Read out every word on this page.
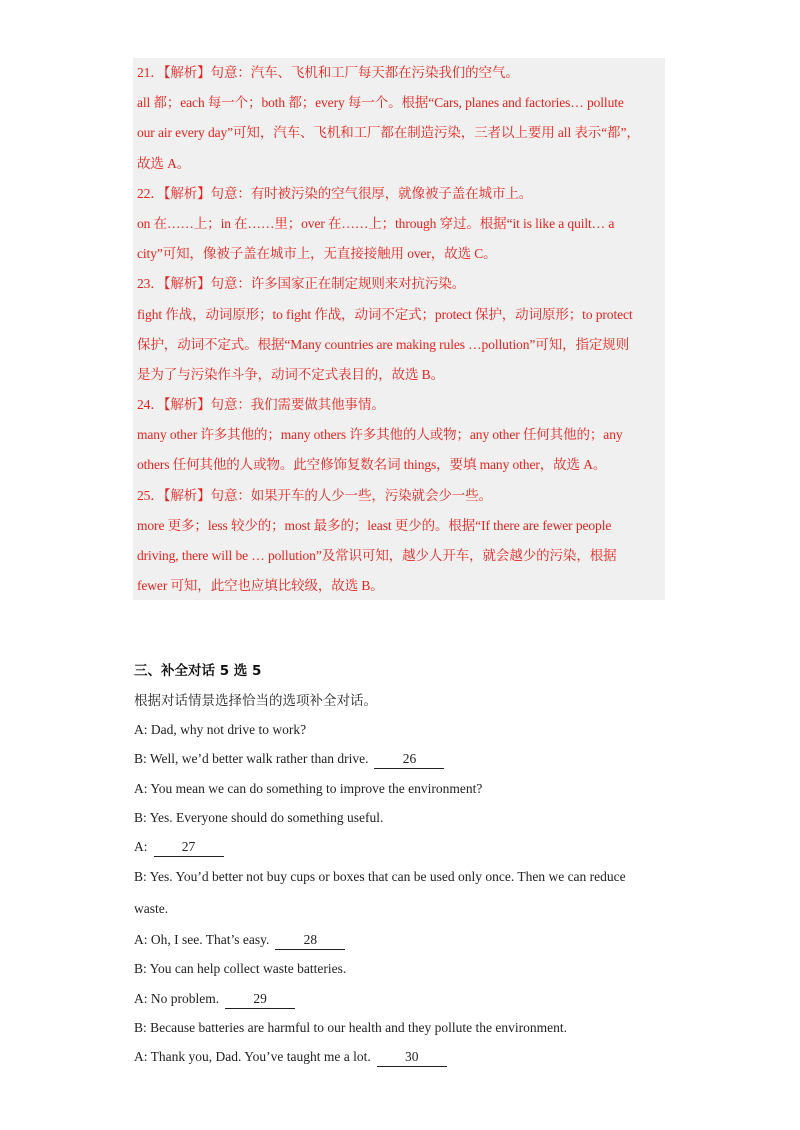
21．【解析】句意：汽车、飞机和工厂每天都在污染我们的空气。
all 都；each 每一个；both 都；every 每一个。根据“Cars, planes and factories… pollute
our air every day”可知，汽车、飞机和工厂都在制造污染，三者以上要用 all 表示“都”，
故选 A。
22．【解析】句意：有时被污染的空气很厚，就像被子盖在城市上。
on 在……上；in 在……里；over 在……上；through 穿过。根据“it is like a quilt… a
city”可知，像被子盖在城市上，无直接接触用 over，故选 C。
23．【解析】句意：许多国家正在制定规则来对抗污染。
fight 作战，动词原形；to fight 作战，动词不定式；protect 保护，动词原形；to protect
保护，动词不定式。根据“Many countries are making rules …pollution”可知，指定规则
是为了与污染作斗争，动词不定式表目的，故选 B。
24．【解析】句意：我们需要做其他事情。
many other 许多其他的；many others 许多其他的人或物；any other 任何其他的；any
others 任何其他的人或物。此空修饰复数名词 things，要填 many other，故选 A。
25．【解析】句意：如果开车的人少一些，污染就会少一些。
more 更多；less 较少的；most 最多的；least 更少的。根据“If there are fewer people
driving, there will be … pollution”及常识可知，越少人开车，就会越少的污染，根据
fewer 可知，此空也应填比较级，故选 B。
三、补全对话 5 选 5
根据对话情景选择恰当的选项补全对话。
A: Dad, why not drive to work?
B: Well, we’d better walk rather than drive.	26
A: You mean we can do something to improve the environment?
B: Yes. Everyone should do something useful.
A:	27
B: Yes. You’d better not buy cups or boxes that can be used only once. Then we can reduce
waste.
A: Oh, I see. That’s easy.	28
B: You can help collect waste batteries.
A: No problem.	29
B: Because batteries are harmful to our health and they pollute the environment.
A: Thank you, Dad. You’ve taught me a lot.	30
